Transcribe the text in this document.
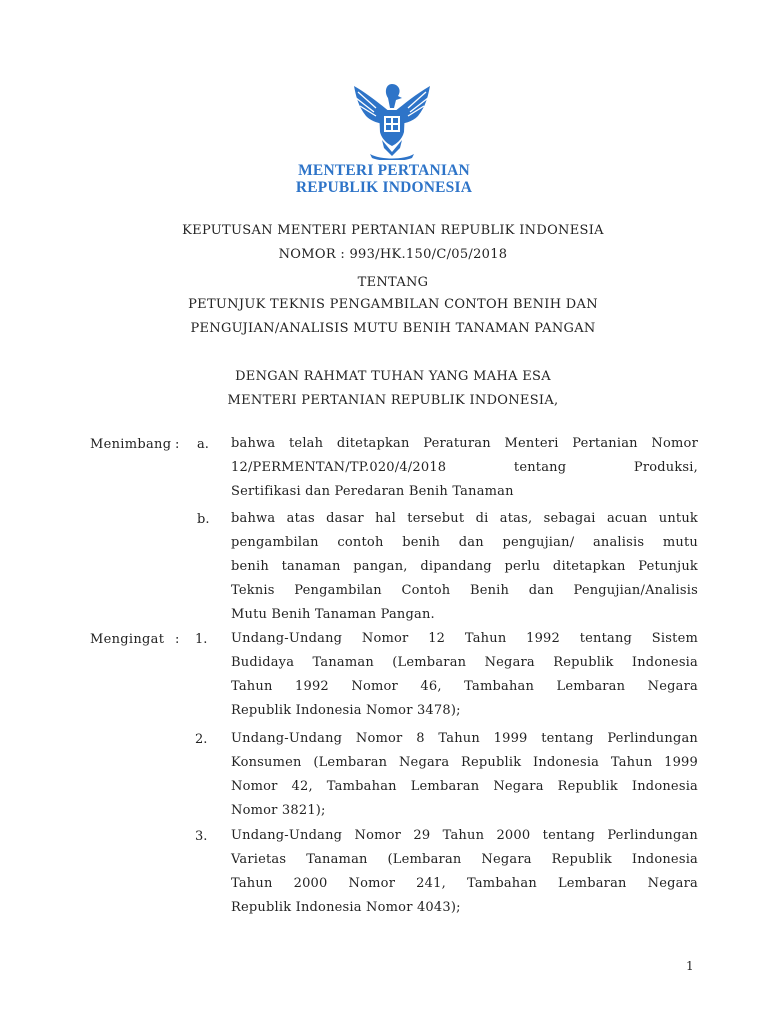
MENTERI PERTANIAN
REPUBLIK INDONESIA
KEPUTUSAN MENTERI PERTANIAN REPUBLIK INDONESIA
NOMOR : 993/HK.150/C/05/2018
TENTANG
PETUNJUK TEKNIS PENGAMBILAN CONTOH BENIH DAN
PENGUJIAN/ANALISIS MUTU BENIH TANAMAN PANGAN
DENGAN RAHMAT TUHAN YANG MAHA ESA
MENTERI PERTANIAN REPUBLIK INDONESIA,
Menimbang : a. bahwa telah ditetapkan Peraturan Menteri Pertanian Nomor
12/PERMENTAN/TP.020/4/2018 tentang Produksi,
Sertifikasi dan Peredaran Benih Tanaman
b. bahwa atas dasar hal tersebut di atas, sebagai acuan untuk
pengambilan contoh benih dan pengujian/ analisis mutu
benih tanaman pangan, dipandang perlu ditetapkan Petunjuk
Teknis Pengambilan Contoh Benih dan Pengujian/Analisis
Mutu Benih Tanaman Pangan.
Mengingat : 1. Undang-Undang Nomor 12 Tahun 1992 tentang Sistem
Budidaya Tanaman (Lembaran Negara Republik Indonesia
Tahun 1992 Nomor 46, Tambahan Lembaran Negara
Republik Indonesia Nomor 3478);
2. Undang-Undang Nomor 8 Tahun 1999 tentang Perlindungan
Konsumen (Lembaran Negara Republik Indonesia Tahun 1999
Nomor 42, Tambahan Lembaran Negara Republik Indonesia
Nomor 3821);
3. Undang-Undang Nomor 29 Tahun 2000 tentang Perlindungan
Varietas Tanaman (Lembaran Negara Republik Indonesia
Tahun 2000 Nomor 241, Tambahan Lembaran Negara
Republik Indonesia Nomor 4043);
1
